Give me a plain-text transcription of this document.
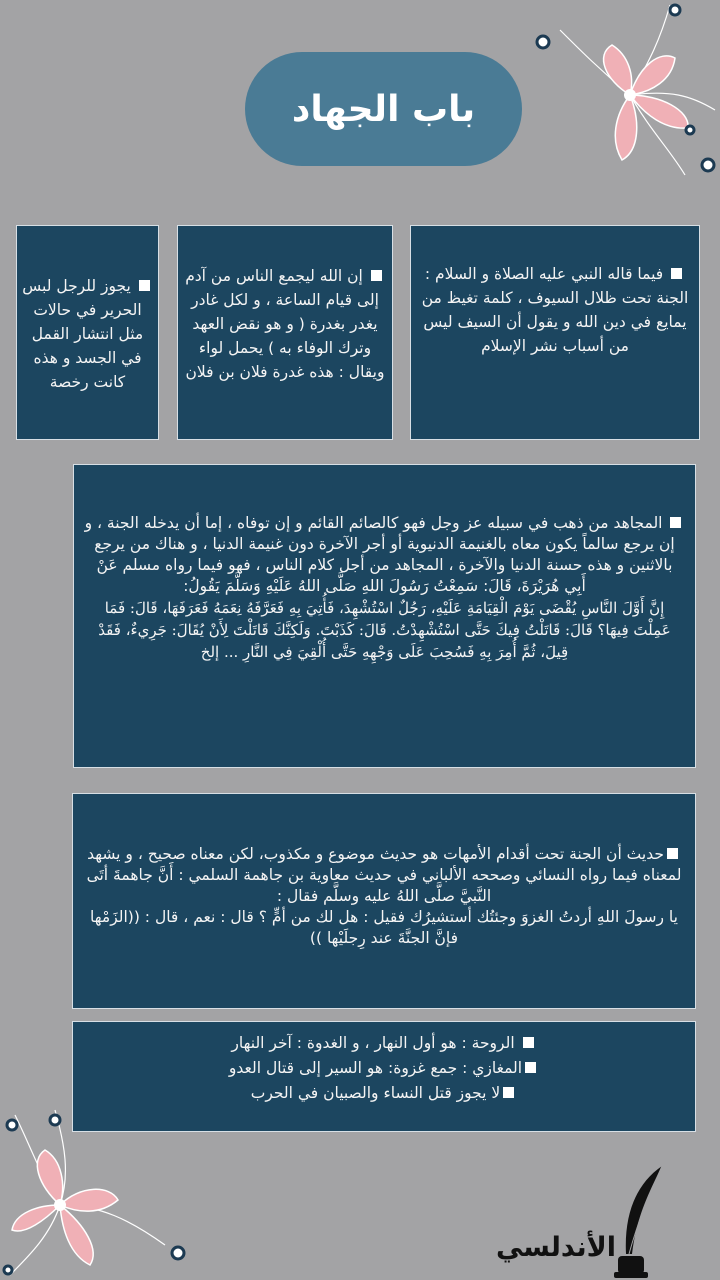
باب الجهاد

فيما قاله النبي عليه الصلاة و السلام : الجنة تحت ظلال السيوف ، كلمة تغيظ من يمايع في دين الله و يقول أن السيف ليس من أسباب نشر الإسلام

إن الله ليجمع الناس من آدم إلى قيام الساعة ، و لكل غادر يغدر بغدرة ( و هو نقض العهد وترك الوفاء به ) يحمل لواء ويقال : هذه غدرة فلان بن فلان

يجوز للرجل لبس الحرير في حالات مثل انتشار القمل في الجسد و هذه كانت رخصة

المجاهد من ذهب في سبيله عز وجل فهو كالصائم القائم و إن توفاه ، إما أن يدخله الجنة ، و إن يرجع سالماً يكون معاه بالغنيمة الدنيوية أو أجر الآخرة دون غنيمة الدنيا ، و هناك من يرجع بالاثنين و هذه حسنة الدنيا والآخرة ، المجاهد من أجل كلام الناس ، فهو فيما رواه مسلم عَنْ أَبِي هُرَيْرَةَ، قَالَ: سَمِعْتُ رَسُولَ اللهِ صَلَّى اللهُ عَلَيْهِ وَسَلَّمَ يَقُولُ:

إِنَّ أَوَّلَ النَّاسِ يُقْضَى يَوْمَ الْقِيَامَةِ عَلَيْهِ، رَجُلٌ اسْتُشْهِدَ، فَأُتِيَ بِهِ فَعَرَّفَهُ نِعَمَهُ فَعَرَفَهَا، قَالَ: فَمَا عَمِلْتَ فِيهَا؟ قَالَ: قَاتَلْتُ فِيكَ حَتَّى اسْتُشْهِدْتُ. قَالَ: كَذَبْتَ. وَلَكِنَّكَ قَاتَلْتَ لِأَنْ يُقَالَ: جَرِيءٌ، فَقَدْ قِيلَ، ثُمَّ أُمِرَ بِهِ فَسُحِبَ عَلَى وَجْهِهِ حَتَّى أُلْقِيَ فِي النَّارِ ... إلخ

حديث أن الجنة تحت أقدام الأمهات هو حديث موضوع و مكذوب، لكن معناه صحيح ، و يشهد لمعناه فيما رواه النسائي وصححه الألباني في حديث معاوية بن جاهمة السلمي : أَنَّ جاهمةَ أتَى النَّبيَّ صلَّى اللهُ عليه وسلَّم فقال :

يا رسولَ اللهِ أردتُ الغزوَ وجئتُك أستشيرُك فقيل : هل لك من أمٍّ ؟ قال : نعم ، قال : ((الزَمْها فإنَّ الجنَّةَ عند رِجلَيْها ))

الروحة : هو أول النهار ، و الغدوة : آخر النهار

المغازي : جمع غزوة: هو السير إلى قتال العدو

لا يجوز قتل النساء والصبيان في الحرب

الأندلسي
